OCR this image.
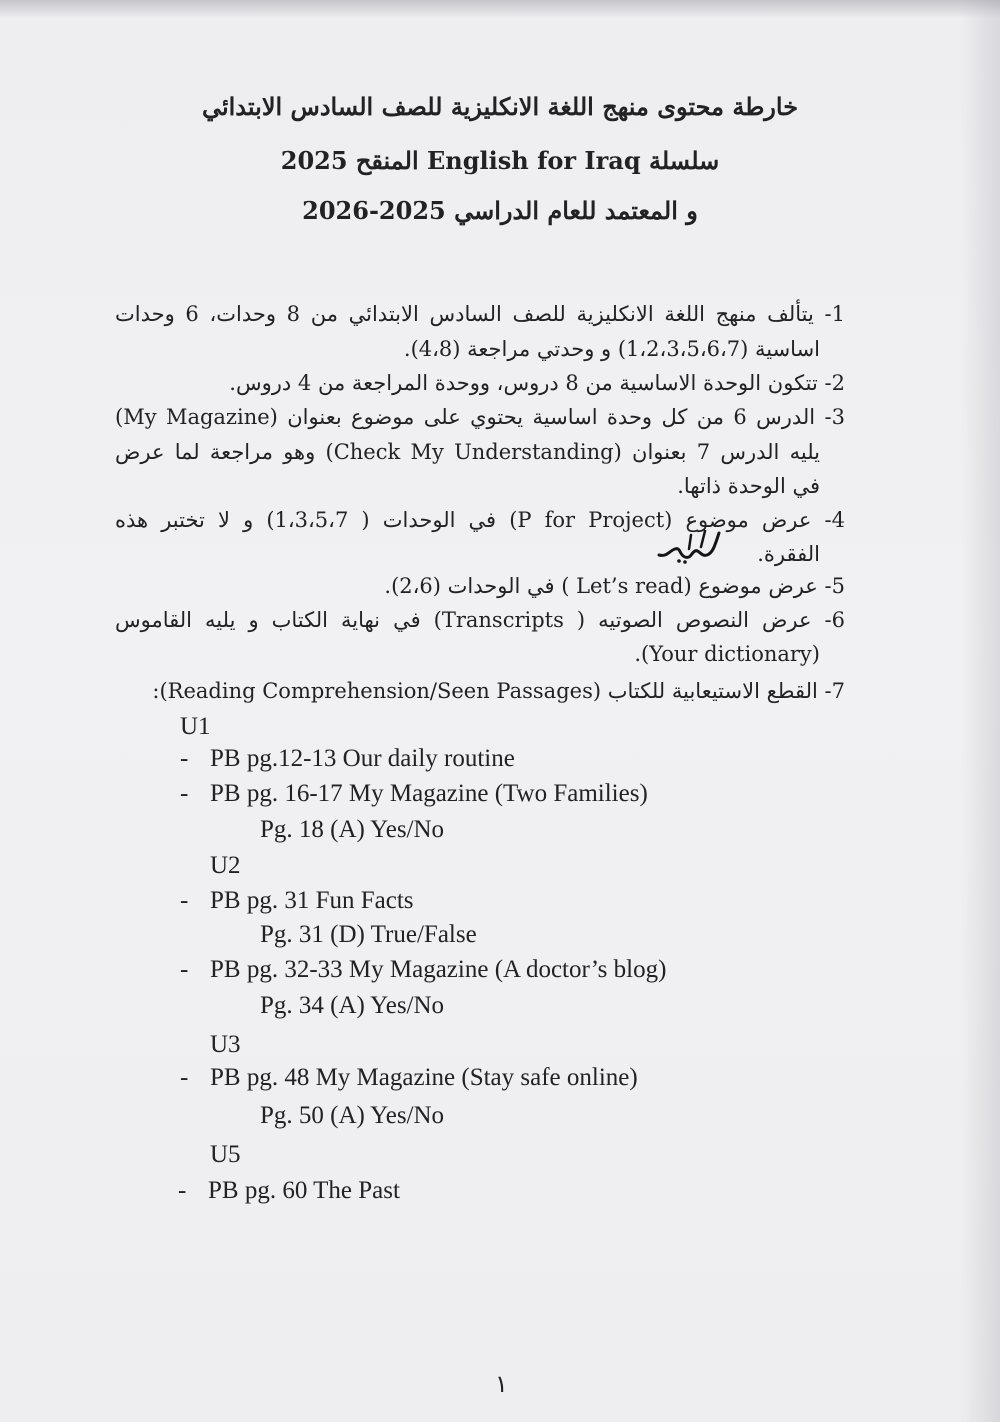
خارطة محتوى منهج اللغة الانكليزية للصف السادس الابتدائي
سلسلة English for Iraq المنقح 2025
و المعتمد للعام الدراسي 2025-2026
1- يتألف منهج اللغة الانكليزية للصف السادس الابتدائي من 8 وحدات، 6 وحدات
اساسية (1،2،3،5،6،7) و وحدتي مراجعة (4،8).
2- تتكون الوحدة الاساسية من 8 دروس، ووحدة المراجعة من 4 دروس.
3- الدرس 6 من كل وحدة اساسية يحتوي على موضوع بعنوان (My Magazine)
يليه الدرس 7 بعنوان (Check My Understanding) وهو مراجعة لما عرض
في الوحدة ذاتها.
4- عرض موضوع (P for Project) في الوحدات ( 1،3،5،7) و لا تختبر هذه
الفقرة.
5- عرض موضوع (Let’s read ) في الوحدات (2،6).
6- عرض النصوص الصوتيه ( Transcripts) في نهاية الكتاب و يليه القاموس
(Your dictionary).
7- القطع الاستيعابية للكتاب (Reading Comprehension/Seen Passages):
U1
- PB pg.12-13 Our daily routine
- PB pg. 16-17 My Magazine (Two Families)
Pg. 18 (A) Yes/No
U2
- PB pg. 31 Fun Facts
Pg. 31 (D) True/False
- PB pg. 32-33 My Magazine (A doctor’s blog)
Pg. 34 (A) Yes/No
U3
- PB pg. 48 My Magazine (Stay safe online)
Pg. 50 (A) Yes/No
U5
- PB pg. 60 The Past
١
